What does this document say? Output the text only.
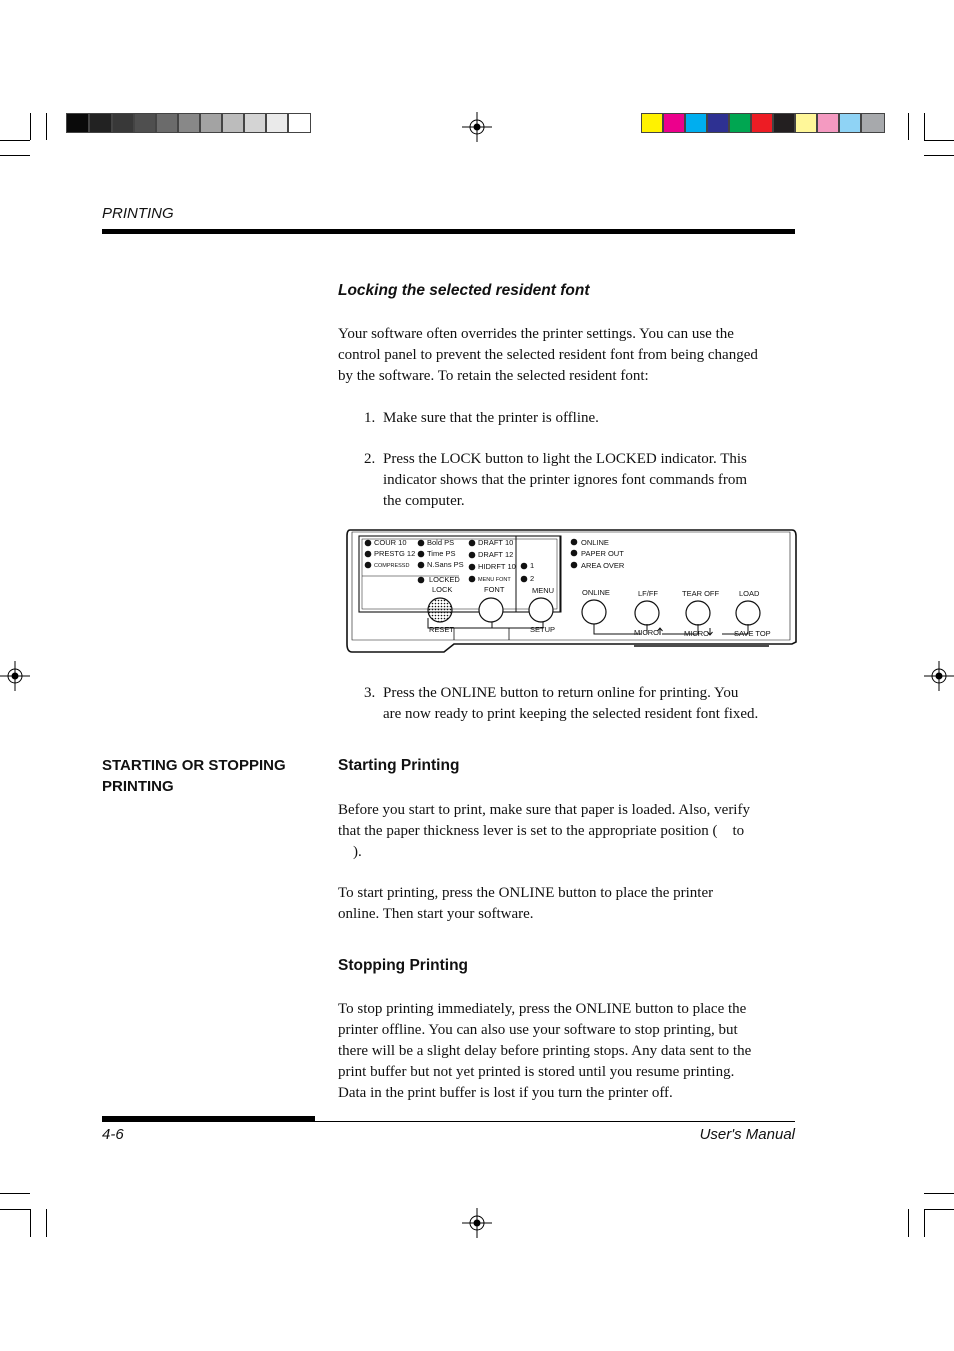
PRINTING
Locking the selected resident font
Your software often overrides the printer settings. You can use the
control panel to prevent the selected resident font from being changed
by the software. To retain the selected resident font:
1. Make sure that the printer is offline.
2. Press the LOCK button to light the LOCKED indicator. This
indicator shows that the printer ignores font commands from
the computer.
COUR 10
PRESTG 12
COMPRESSD
Bold PS
Time PS
N.Sans PS
LOCKED
DRAFT 10
DRAFT 12
HIDRFT 10
MENU FONT
1
2
ONLINE
PAPER OUT
AREA OVER
LOCK	FONT	MENU	ONLINE	LF/FF	TEAR OFF	LOAD
RESET	SETUP	MICRO	MICRO	SAVE TOP
3. Press the ONLINE button to return online for printing. You
are now ready to print keeping the selected resident font fixed.
STARTING OR STOPPING
PRINTING
Starting Printing
Before you start to print, make sure that paper is loaded. Also, verify
that the paper thickness lever is set to the appropriate position (    to
).
To start printing, press the ONLINE button to place the printer
online. Then start your software.
Stopping Printing
To stop printing immediately, press the ONLINE button to place the
printer offline. You can also use your software to stop printing, but
there will be a slight delay before printing stops. Any data sent to the
print buffer but not yet printed is stored until you resume printing.
Data in the print buffer is lost if you turn the printer off.
4-6	User's Manual
